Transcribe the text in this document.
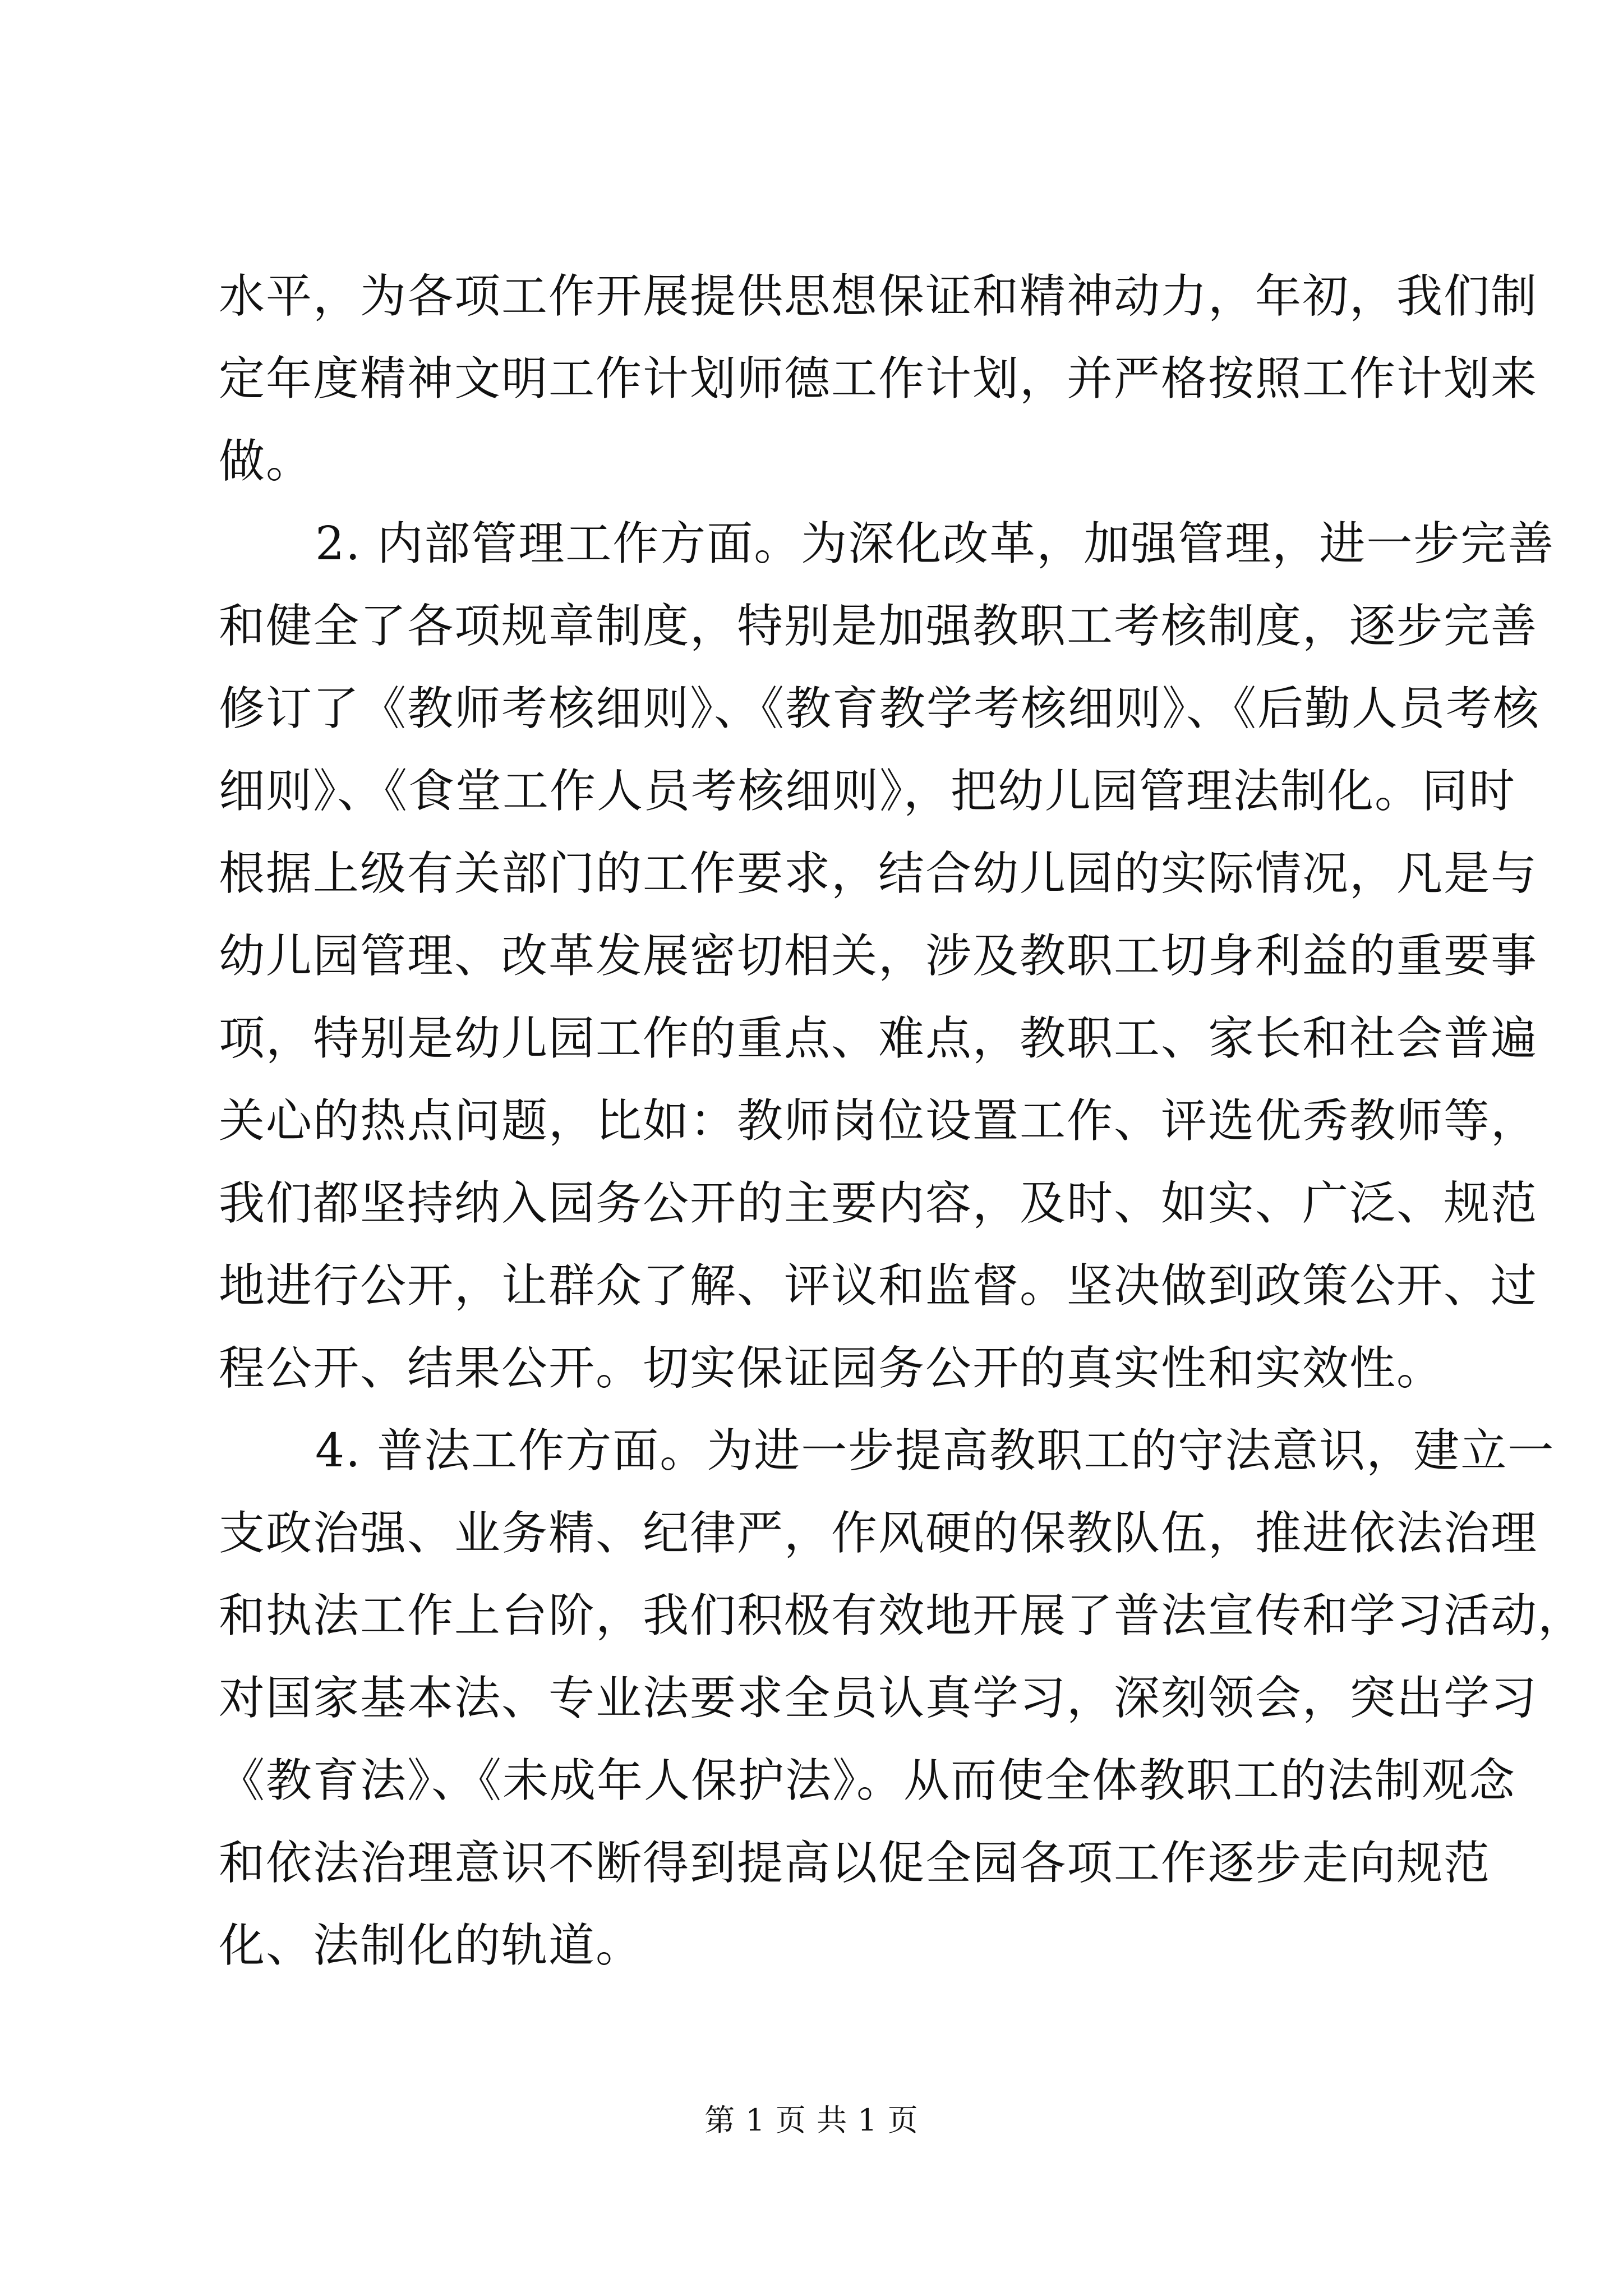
水平，为各项工作开展提供思想保证和精神动力，年初，我们制
定年度精神文明工作计划师德工作计划，并严格按照工作计划来
做。
2. 内部管理工作方面。为深化改革，加强管理，进一步完善
和健全了各项规章制度，特别是加强教职工考核制度，逐步完善
修订了《教师考核细则》、《教育教学考核细则》、《后勤人员考核
细则》、《食堂工作人员考核细则》，把幼儿园管理法制化。同时
根据上级有关部门的工作要求，结合幼儿园的实际情况，凡是与
幼儿园管理、改革发展密切相关，涉及教职工切身利益的重要事
项，特别是幼儿园工作的重点、难点，教职工、家长和社会普遍
关心的热点问题，比如：教师岗位设置工作、评选优秀教师等，
我们都坚持纳入园务公开的主要内容，及时、如实、广泛、规范
地进行公开，让群众了解、评议和监督。坚决做到政策公开、过
程公开、结果公开。切实保证园务公开的真实性和实效性。
4. 普法工作方面。为进一步提高教职工的守法意识，建立一
支政治强、业务精、纪律严，作风硬的保教队伍，推进依法治理
和执法工作上台阶，我们积极有效地开展了普法宣传和学习活动，
对国家基本法、专业法要求全员认真学习，深刻领会，突出学习
《教育法》、《未成年人保护法》。从而使全体教职工的法制观念
和依法治理意识不断得到提高以促全园各项工作逐步走向规范
化、法制化的轨道。
第 1 页 共 1 页
